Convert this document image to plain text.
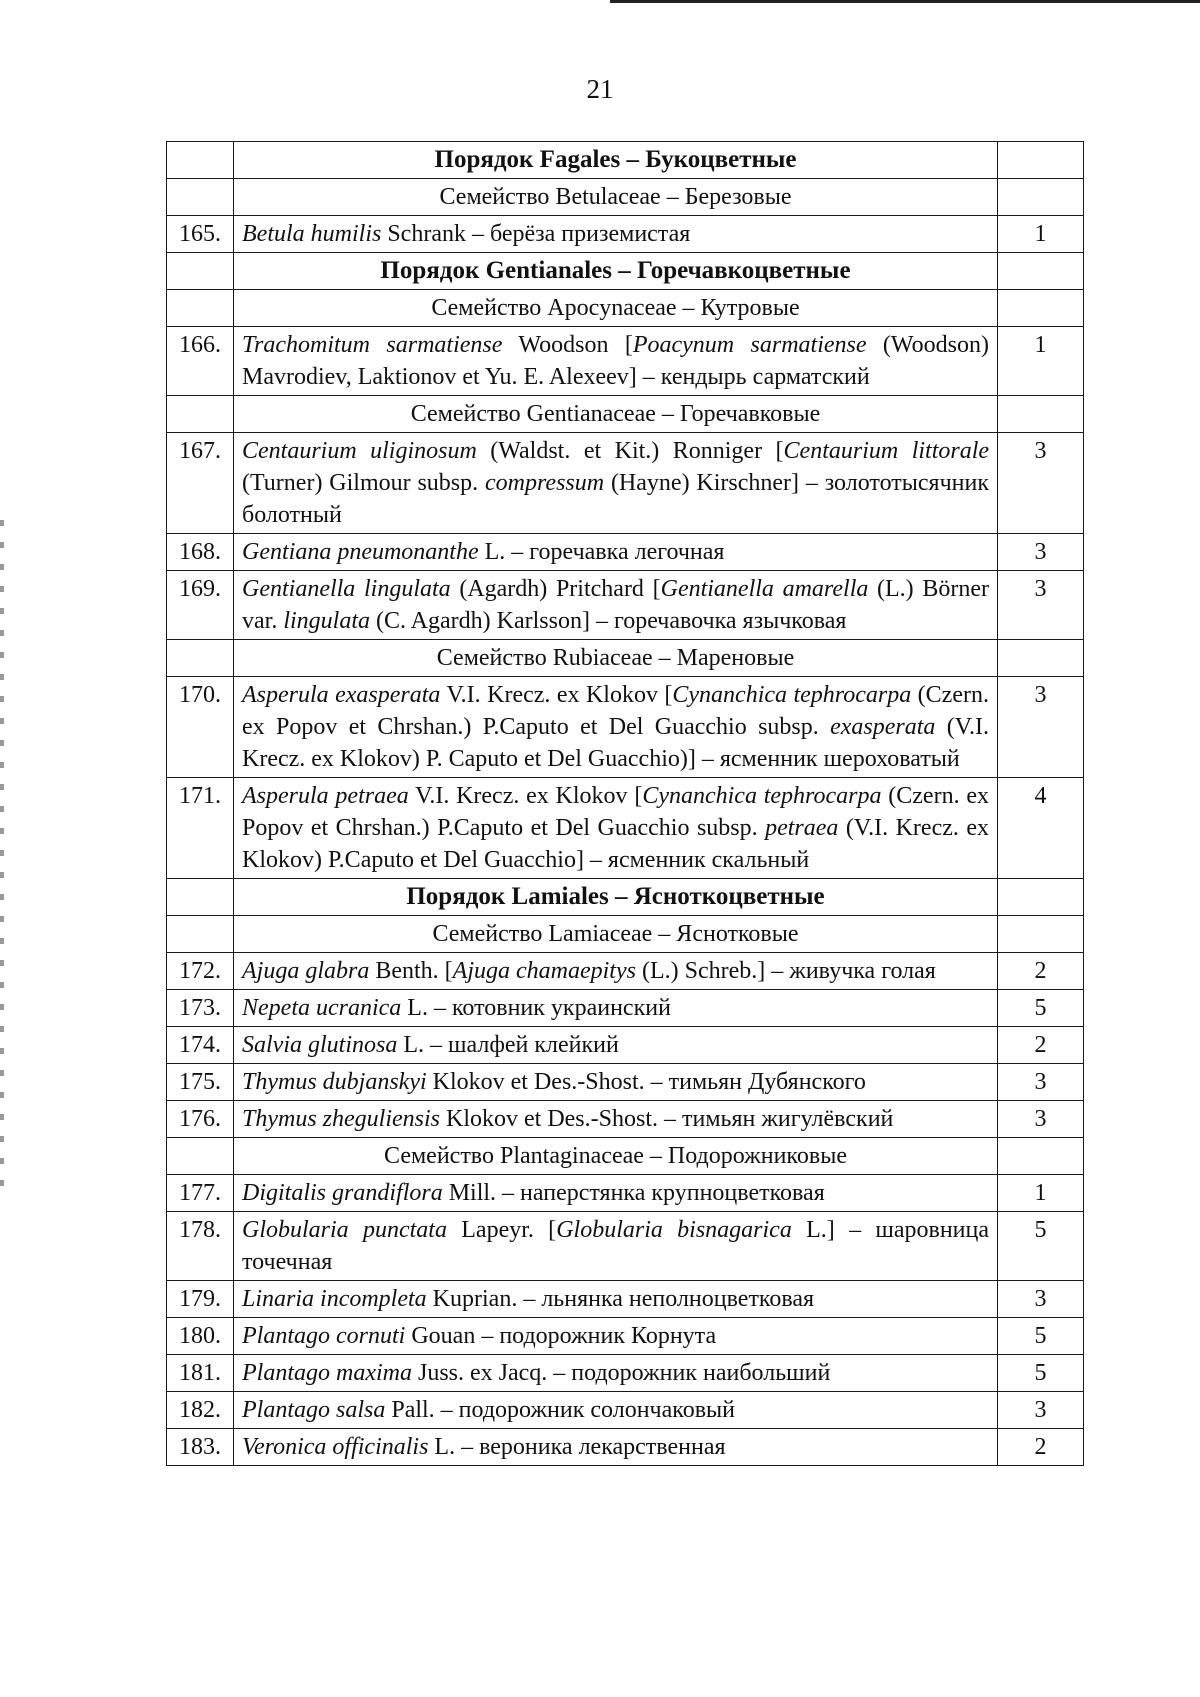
21
	Порядок Fagales – Букоцветные	
	Семейство Betulaceae – Березовые	
165.	Betula humilis Schrank – берёза приземистая	1
	Порядок Gentianales – Горечавкоцветные	
	Семейство Apocynaceae – Кутровые	
166.	Trachomitum sarmatiense Woodson [Poacynum sarmatiense (Woodson) Mavrodiev, Laktionov et Yu. E. Alexeev] – кендырь сарматский	1
	Семейство Gentianaceae – Горечавковые	
167.	Centaurium uliginosum (Waldst. et Kit.) Ronniger [Centaurium littorale (Turner) Gilmour subsp. compressum (Hayne) Kirschner] – золототысячник болотный	3
168.	Gentiana pneumonanthe L. – горечавка легочная	3
169.	Gentianella lingulata (Agardh) Pritchard [Gentianella amarella (L.) Börner var. lingulata (C. Agardh) Karlsson] – горечавочка язычковая	3
	Семейство Rubiaceae – Мареновые	
170.	Asperula exasperata V.I. Krecz. ex Klokov [Cynanchica tephrocarpa (Czern. ex Popov et Chrshan.) P.Caputo et Del Guacchio subsp. exasperata (V.I. Krecz. ex Klokov) P. Caputo et Del Guacchio)] – ясменник шероховатый	3
171.	Asperula petraea V.I. Krecz. ex Klokov [Cynanchica tephrocarpa (Czern. ex Popov et Chrshan.) P.Caputo et Del Guacchio subsp. petraea (V.I. Krecz. ex Klokov) P.Caputo et Del Guacchio] – ясменник скальный	4
	Порядок Lamiales – Ясноткоцветные	
	Семейство Lamiaceae – Яснотковые	
172.	Ajuga glabra Benth. [Ajuga chamaepitys (L.) Schreb.] – живучка голая	2
173.	Nepeta ucranica L. – котовник украинский	5
174.	Salvia glutinosa L. – шалфей клейкий	2
175.	Thymus dubjanskyi Klokov et Des.-Shost. – тимьян Дубянского	3
176.	Thymus zheguliensis Klokov et Des.-Shost. – тимьян жигулёвский	3
	Семейство Plantaginaceae – Подорожниковые	
177.	Digitalis grandiflora Mill. – наперстянка крупноцветковая	1
178.	Globularia punctata Lapeyr. [Globularia bisnagarica L.] – шаровница точечная	5
179.	Linaria incompleta Kuprian. – льнянка неполноцветковая	3
180.	Plantago cornuti Gouan – подорожник Корнута	5
181.	Plantago maxima Juss. ex Jacq. – подорожник наибольший	5
182.	Plantago salsa Pall. – подорожник солончаковый	3
183.	Veronica officinalis L. – вероника лекарственная	2
